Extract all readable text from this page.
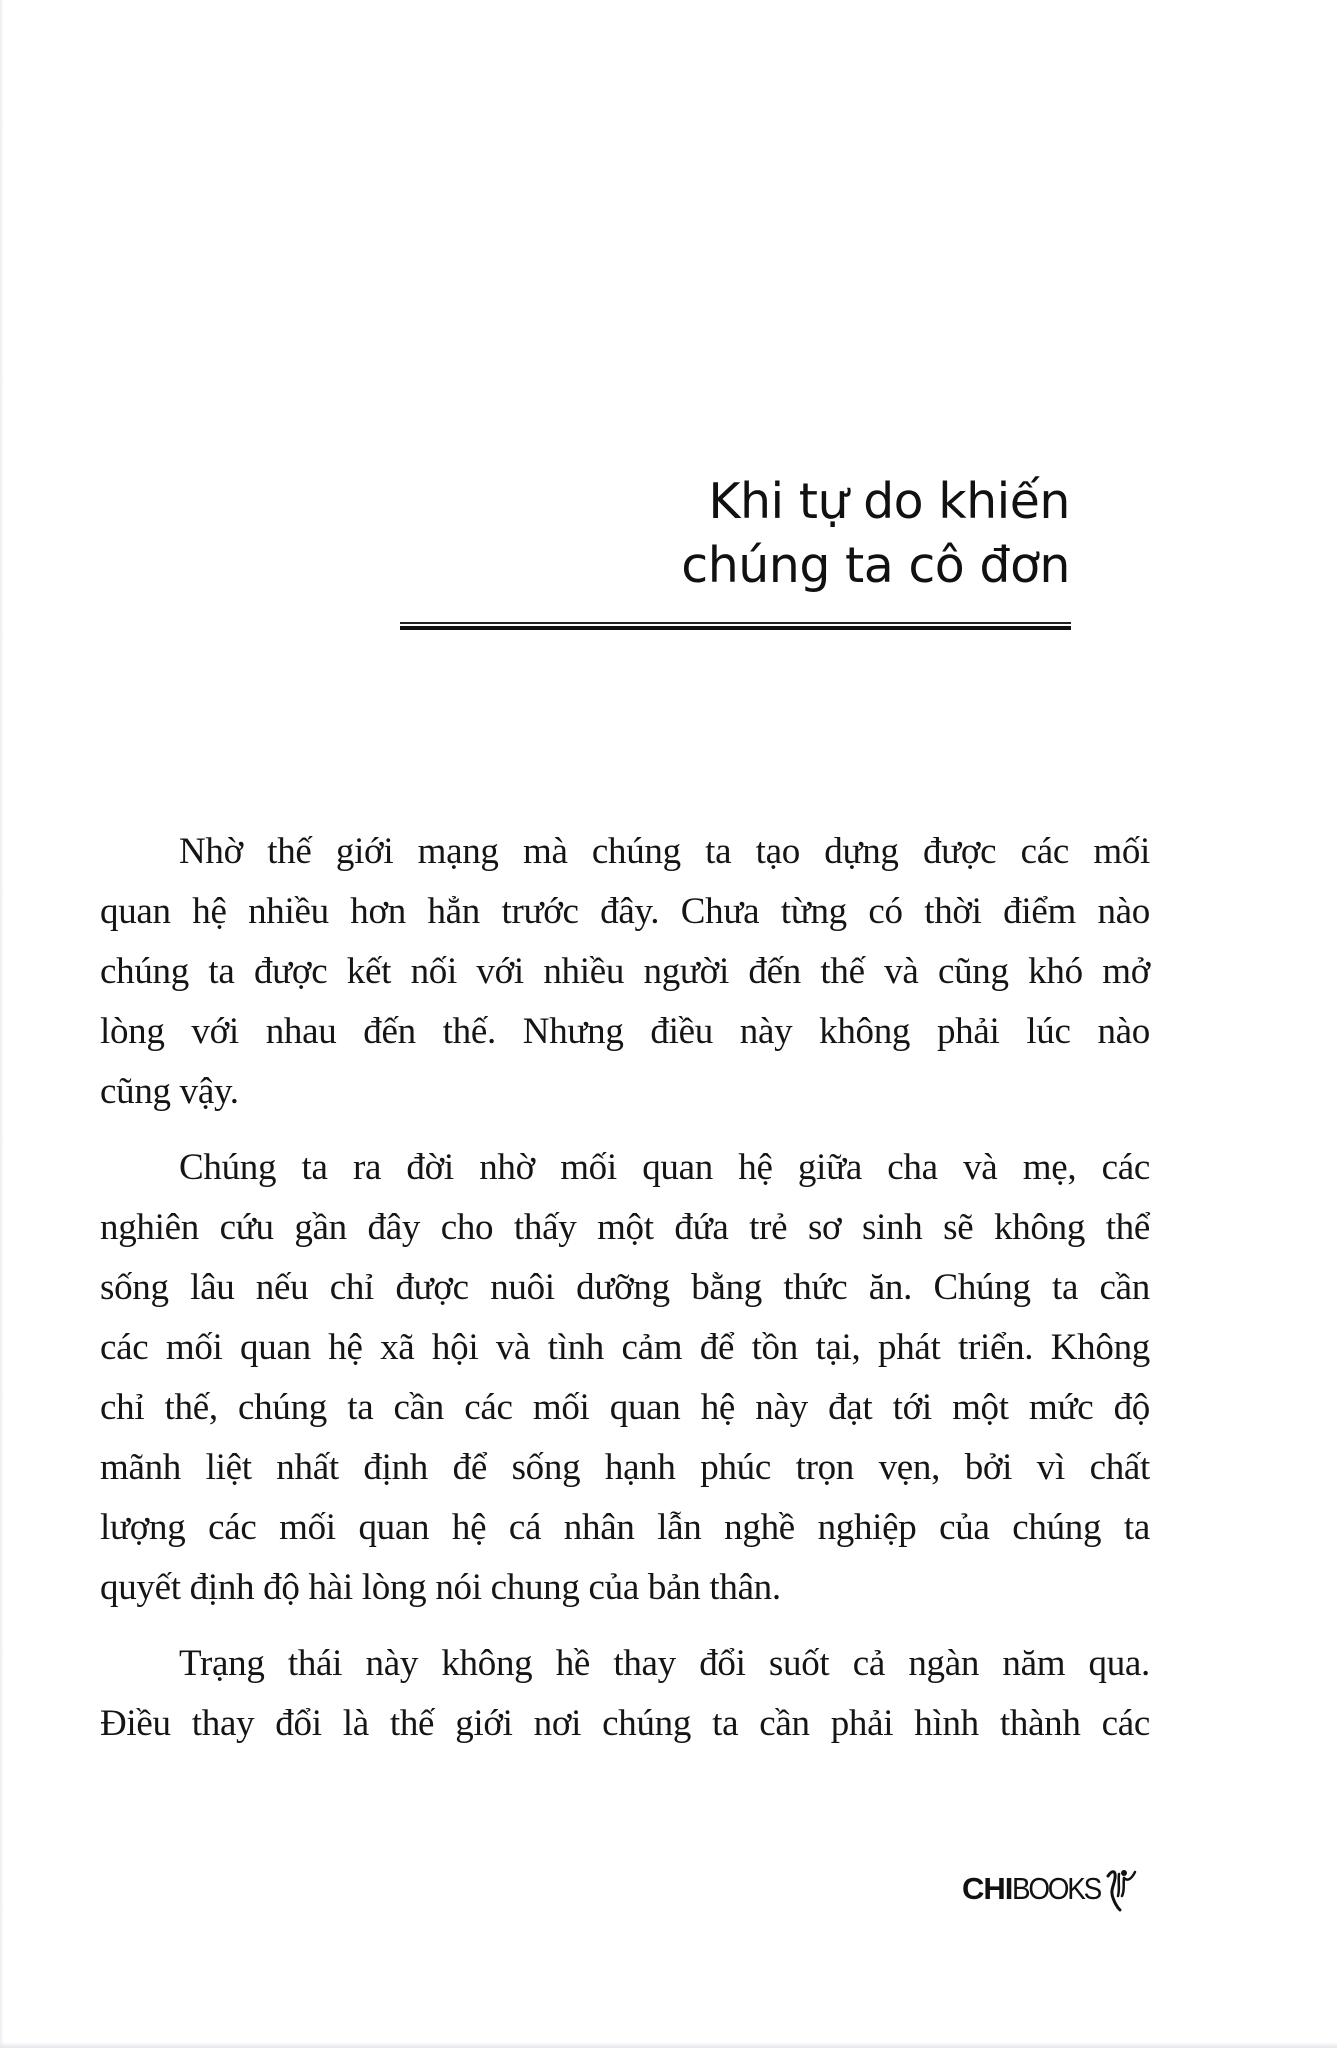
Khi tự do khiến
chúng ta cô đơn

Nhờ thế giới mạng mà chúng ta tạo dựng được các mối
quan hệ nhiều hơn hẳn trước đây. Chưa từng có thời điểm nào
chúng ta được kết nối với nhiều người đến thế và cũng khó mở
lòng với nhau đến thế. Nhưng điều này không phải lúc nào
cũng vậy.

Chúng ta ra đời nhờ mối quan hệ giữa cha và mẹ, các
nghiên cứu gần đây cho thấy một đứa trẻ sơ sinh sẽ không thể
sống lâu nếu chỉ được nuôi dưỡng bằng thức ăn. Chúng ta cần
các mối quan hệ xã hội và tình cảm để tồn tại, phát triển. Không
chỉ thế, chúng ta cần các mối quan hệ này đạt tới một mức độ
mãnh liệt nhất định để sống hạnh phúc trọn vẹn, bởi vì chất
lượng các mối quan hệ cá nhân lẫn nghề nghiệp của chúng ta
quyết định độ hài lòng nói chung của bản thân.

Trạng thái này không hề thay đổi suốt cả ngàn năm qua.
Điều thay đổi là thế giới nơi chúng ta cần phải hình thành các

CHI BOOKS
